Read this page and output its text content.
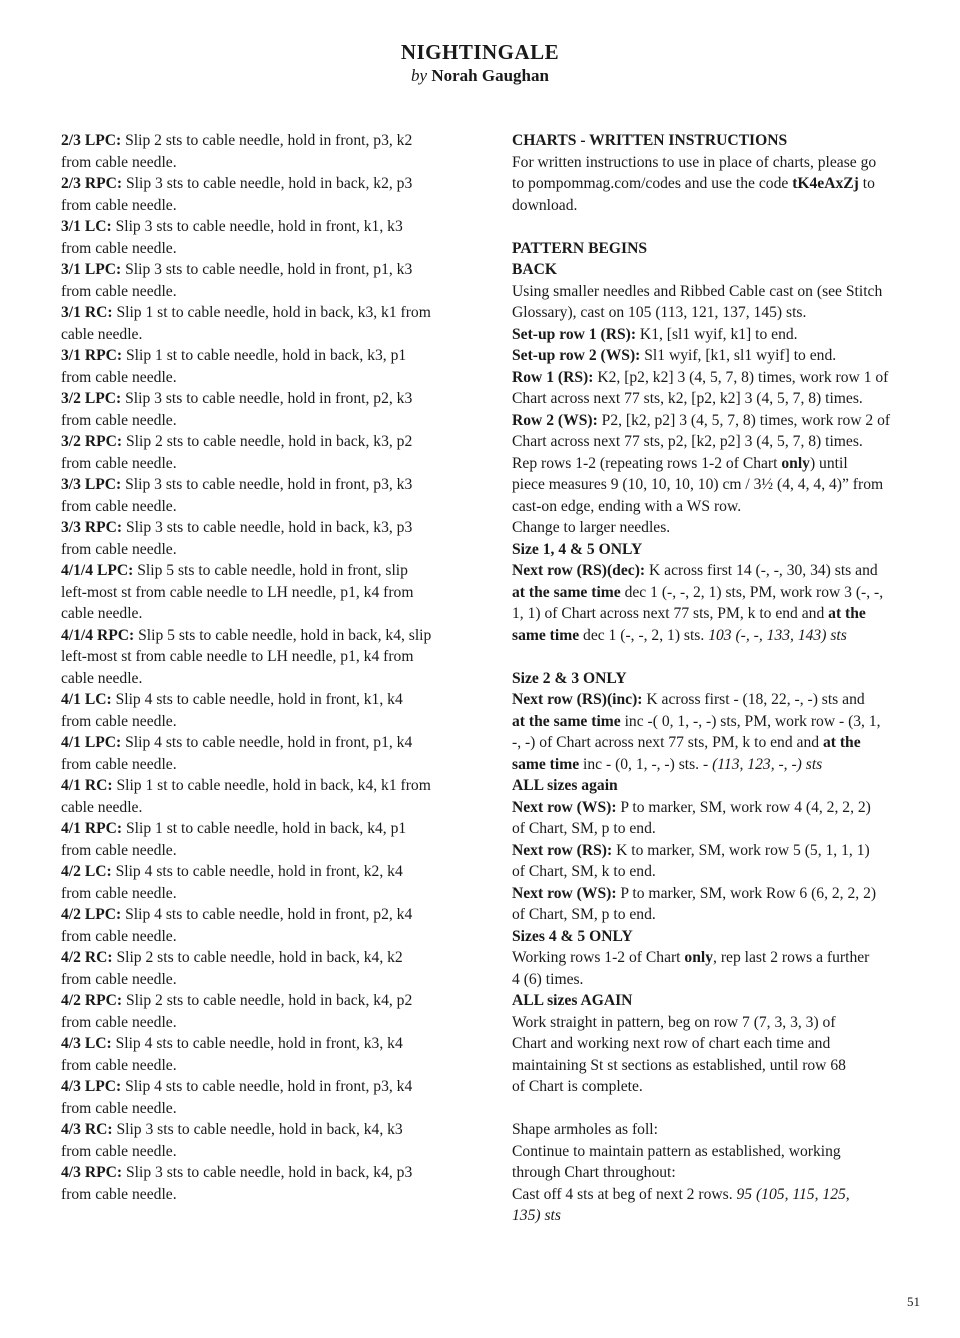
NIGHTINGALE
by Norah Gaughan

2/3 LPC: Slip 2 sts to cable needle, hold in front, p3, k2

from cable needle.

2/3 RPC: Slip 3 sts to cable needle, hold in back, k2, p3

from cable needle.

3/1 LC: Slip 3 sts to cable needle, hold in front, k1, k3

from cable needle.

3/1 LPC: Slip 3 sts to cable needle, hold in front, p1, k3

from cable needle.

3/1 RC: Slip 1 st to cable needle, hold in back, k3, k1 from

cable needle.

3/1 RPC: Slip 1 st to cable needle, hold in back, k3, p1

from cable needle.

3/2 LPC: Slip 3 sts to cable needle, hold in front, p2, k3

from cable needle.

3/2 RPC: Slip 2 sts to cable needle, hold in back, k3, p2

from cable needle.

3/3 LPC: Slip 3 sts to cable needle, hold in front, p3, k3

from cable needle.

3/3 RPC: Slip 3 sts to cable needle, hold in back, k3, p3

from cable needle.

4/1/4 LPC: Slip 5 sts to cable needle, hold in front, slip

left-most st from cable needle to LH needle, p1, k4 from

cable needle.

4/1/4 RPC: Slip 5 sts to cable needle, hold in back, k4, slip

left-most st from cable needle to LH needle, p1, k4 from

cable needle.

4/1 LC: Slip 4 sts to cable needle, hold in front, k1, k4

from cable needle.

4/1 LPC: Slip 4 sts to cable needle, hold in front, p1, k4

from cable needle.

4/1 RC: Slip 1 st to cable needle, hold in back, k4, k1 from

cable needle.

4/1 RPC: Slip 1 st to cable needle, hold in back, k4, p1

from cable needle.

4/2 LC: Slip 4 sts to cable needle, hold in front, k2, k4

from cable needle.

4/2 LPC: Slip 4 sts to cable needle, hold in front, p2, k4

from cable needle.

4/2 RC: Slip 2 sts to cable needle, hold in back, k4, k2

from cable needle.

4/2 RPC: Slip 2 sts to cable needle, hold in back, k4, p2

from cable needle.

4/3 LC: Slip 4 sts to cable needle, hold in front, k3, k4

from cable needle.

4/3 LPC: Slip 4 sts to cable needle, hold in front, p3, k4

from cable needle.

4/3 RC: Slip 3 sts to cable needle, hold in back, k4, k3

from cable needle.

4/3 RPC: Slip 3 sts to cable needle, hold in back, k4, p3

from cable needle.

CHARTS - WRITTEN INSTRUCTIONS

For written instructions to use in place of charts, please go

to pompommag.com/codes and use the code tK4eAxZj to

download.

PATTERN BEGINS

BACK

Using smaller needles and Ribbed Cable cast on (see Stitch

Glossary), cast on 105 (113, 121, 137, 145) sts.

Set-up row 1 (RS): K1, [sl1 wyif, k1] to end.

Set-up row 2 (WS): Sl1 wyif, [k1, sl1 wyif] to end.

Row 1 (RS): K2, [p2, k2] 3 (4, 5, 7, 8) times, work row 1 of

Chart across next 77 sts, k2, [p2, k2] 3 (4, 5, 7, 8) times.

Row 2 (WS): P2, [k2, p2] 3 (4, 5, 7, 8) times, work row 2 of

Chart across next 77 sts, p2, [k2, p2] 3 (4, 5, 7, 8) times.

Rep rows 1-2 (repeating rows 1-2 of Chart only) until

piece measures 9 (10, 10, 10, 10) cm / 3½ (4, 4, 4, 4)” from

cast-on edge, ending with a WS row.

Change to larger needles.

Size 1, 4 & 5 ONLY

Next row (RS)(dec): K across first 14 (-, -, 30, 34) sts and

at the same time dec 1 (-, -, 2, 1) sts, PM, work row 3 (-, -,

1, 1) of Chart across next 77 sts, PM, k to end and at the

same time dec 1 (-, -, 2, 1) sts. 103 (-, -, 133, 143) sts

Size 2 & 3 ONLY

Next row (RS)(inc): K across first - (18, 22, -, -) sts and

at the same time inc -( 0, 1, -, -) sts, PM, work row - (3, 1,

-, -) of Chart across next 77 sts, PM, k to end and at the

same time inc - (0, 1, -, -) sts. - (113, 123, -, -) sts

ALL sizes again

Next row (WS): P to marker, SM, work row 4 (4, 2, 2, 2)

of Chart, SM, p to end.

Next row (RS): K to marker, SM, work row 5 (5, 1, 1, 1)

of Chart, SM, k to end.

Next row (WS): P to marker, SM, work Row 6 (6, 2, 2, 2)

of Chart, SM, p to end.

Sizes 4 & 5 ONLY

Working rows 1-2 of Chart only, rep last 2 rows a further

4 (6) times.

ALL sizes AGAIN

Work straight in pattern, beg on row 7 (7, 3, 3, 3) of

Chart and working next row of chart each time and

maintaining St st sections as established, until row 68

of Chart is complete.

Shape armholes as foll:

Continue to maintain pattern as established, working

through Chart throughout:

Cast off 4 sts at beg of next 2 rows. 95 (105, 115, 125,

135) sts

51
